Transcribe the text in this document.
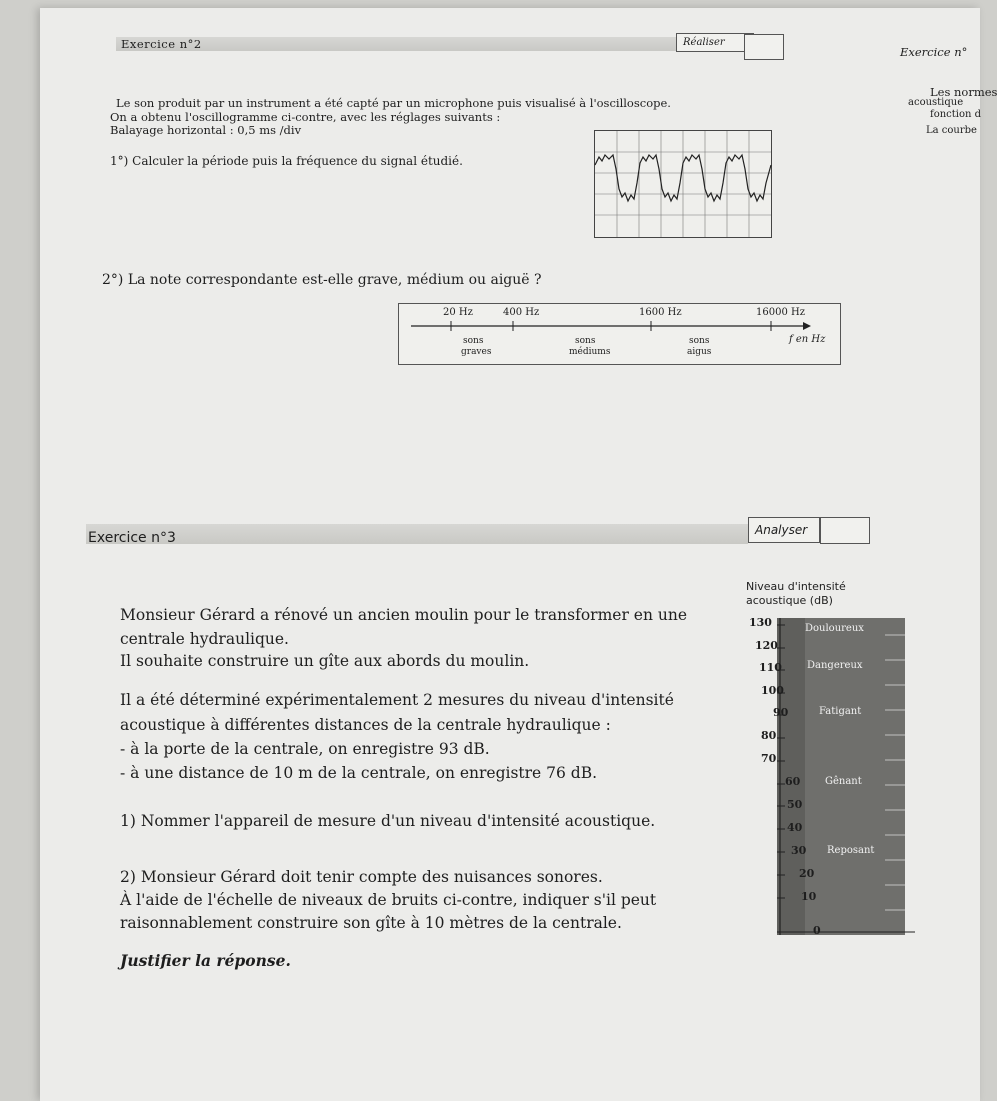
Exercice n°2	Réaliser
Exercice n°
Les normes
acoustique
fonction d
La courbe
Le son produit par un instrument a été capté par un microphone puis visualisé à l'oscilloscope.
On a obtenu l'oscillogramme ci-contre, avec les réglages suivants :
Balayage horizontal : 0,5 ms /div
1°) Calculer la période puis la fréquence du signal étudié.
2°) La note correspondante est-elle grave, médium ou aiguë ?
20 Hz	400 Hz	1600 Hz	16000 Hz
f en Hz
sons
graves
sons
médiums
sons
aigus
Exercice n°3	Analyser
Monsieur Gérard a rénové un ancien moulin pour le transformer en une
centrale hydraulique.
Il souhaite construire un gîte aux abords du moulin.
Il a été déterminé expérimentalement 2 mesures du niveau d'intensité
acoustique à différentes distances de la centrale hydraulique :
- à la porte de la centrale, on enregistre 93 dB.
- à une distance de 10 m de la centrale, on enregistre 76 dB.
1) Nommer l'appareil de mesure d'un niveau d'intensité acoustique.
2) Monsieur Gérard doit tenir compte des nuisances sonores.
À l'aide de l'échelle de niveaux de bruits ci-contre, indiquer s'il peut
raisonnablement construire son gîte à 10 mètres de la centrale.
Justifier la réponse.
Niveau d'intensité
acoustique (dB)
130
120
110
100
90
80
70
60
50
40
30
20
10
0
Douloureux
Dangereux
Fatigant
Gênant
Reposant
